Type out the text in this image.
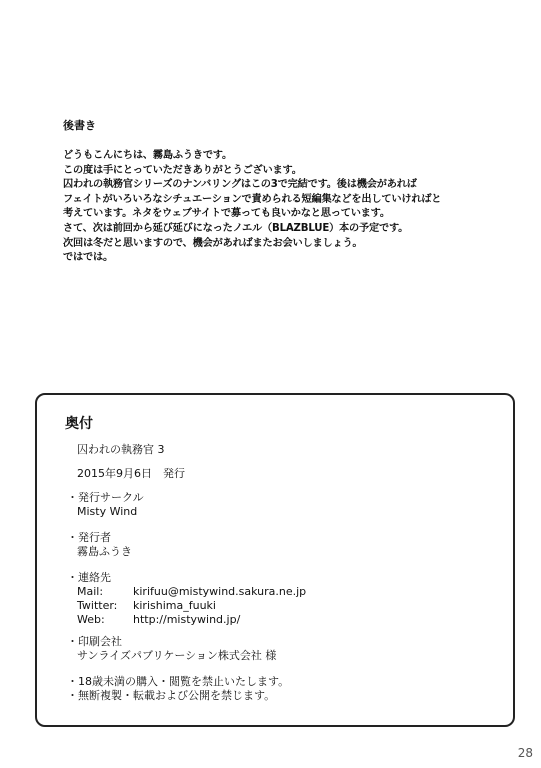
後書き
どうもこんにちは、霧島ふうきです。
この度は手にとっていただきありがとうございます。
囚われの執務官シリーズのナンバリングはこの3で完結です。後は機会があれば
フェイトがいろいろなシチュエーションで責められる短編集などを出していければと
考えています。ネタをウェブサイトで募っても良いかなと思っています。
さて、次は前回から延び延びになったノエル（BLAZBLUE）本の予定です。
次回は冬だと思いますので、機会があればまたお会いしましょう。
ではでは。
奥付
囚われの執務官 3
2015年9月6日　発行
・発行サークル
Misty Wind
・発行者
霧島ふうき
・連絡先
Mail:	kirifuu@mistywind.sakura.ne.jp
Twitter:	kirishima_fuuki
Web:	http://mistywind.jp/
・印刷会社
サンライズパブリケーション株式会社 様
・18歳未満の購入・閲覧を禁止いたします。
・無断複製・転載および公開を禁じます。
28
